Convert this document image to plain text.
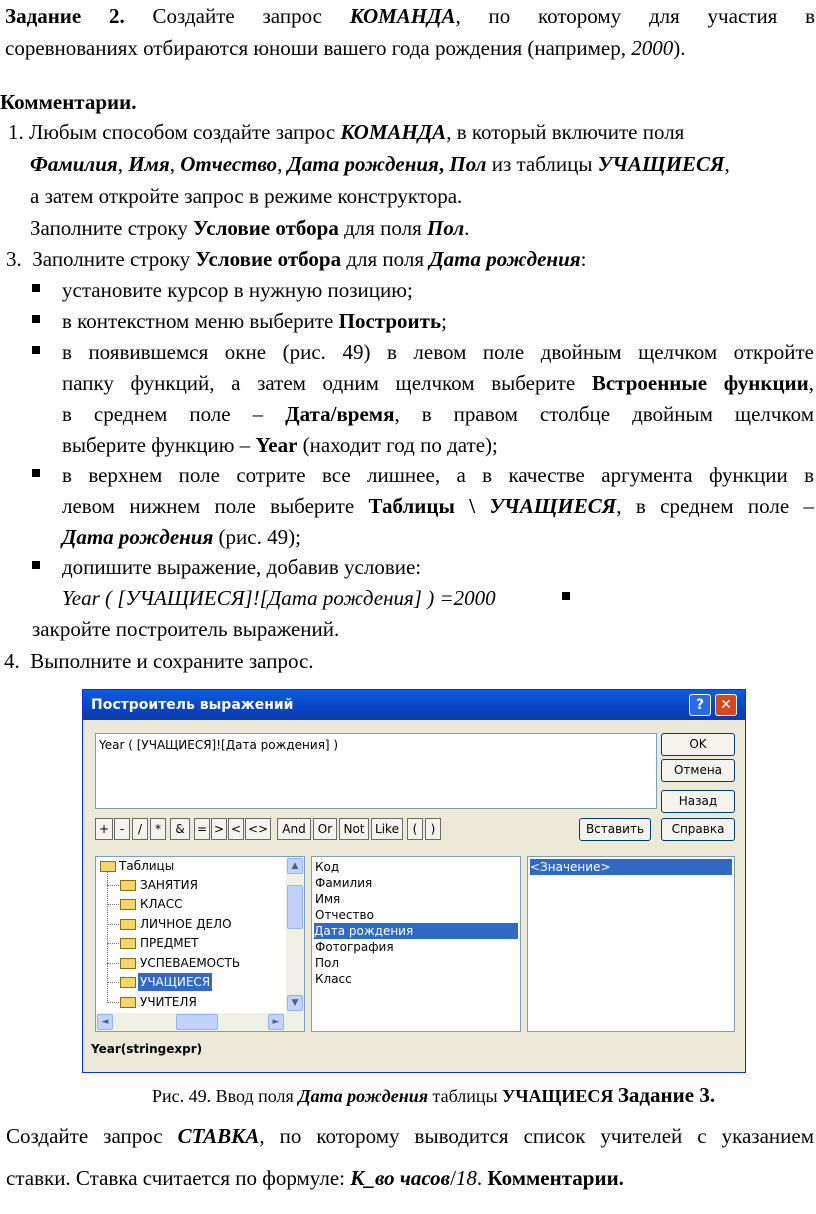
Задание 2. Создайте запрос КОМАНДА, по которому для участия в
соревнованиях отбираются юноши вашего года рождения (например, 2000).
Комментарии.
1. Любым способом создайте запрос КОМАНДА, в который включите поля
Фамилия, Имя, Отчество, Дата рождения, Пол из таблицы УЧАЩИЕСЯ,
а затем откройте запрос в режиме конструктора.
Заполните строку Условие отбора для поля Пол.
3. Заполните строку Условие отбора для поля Дата рождения:
установите курсор в нужную позицию;
в контекстном меню выберите Построить;
в появившемся окне (рис. 49) в левом поле двойным щелчком откройте
папку функций, а затем одним щелчком выберите Встроенные функции,
в среднем поле – Дата/время, в правом столбце двойным щелчком
выберите функцию – Year (находит год по дате);
в верхнем поле сотрите все лишнее, а в качестве аргумента функции в
левом нижнем поле выберите Таблицы \ УЧАЩИЕСЯ, в среднем поле –
Дата рождения (рис. 49);
допишите выражение, добавив условие:
Year ( [УЧАЩИЕСЯ]![Дата рождения] ) =2000
закройте построитель выражений.
4. Выполните и сохраните запрос.
Построитель выражений	?	✕
Year ( [УЧАЩИЕСЯ]![Дата рождения] )	OK
Отмена
Назад
Справка
Вставить
+ -	/	*	&	= > < <>	And	Or Not Like	(	)
Таблицы
ЗАНЯТИЯ
КЛАСС
ЛИЧНОЕ ДЕЛО
ПРЕДМЕТ
УСПЕВАЕМОСТЬ
УЧАЩИЕСЯ
УЧИТЕЛЯ
▲
▼
◄	►
Код
Фамилия
Имя
Отчество
Дата рождения
Фотография
Пол
Класс
<Значение>
Year(stringexpr)
Рис. 49. Ввод поля Дата рождения таблицы УЧАЩИЕСЯ Задание 3.
Создайте запрос СТАВКА, по которому выводится список учителей с указанием
ставки. Ставка считается по формуле: К_во часов/18. Комментарии.
